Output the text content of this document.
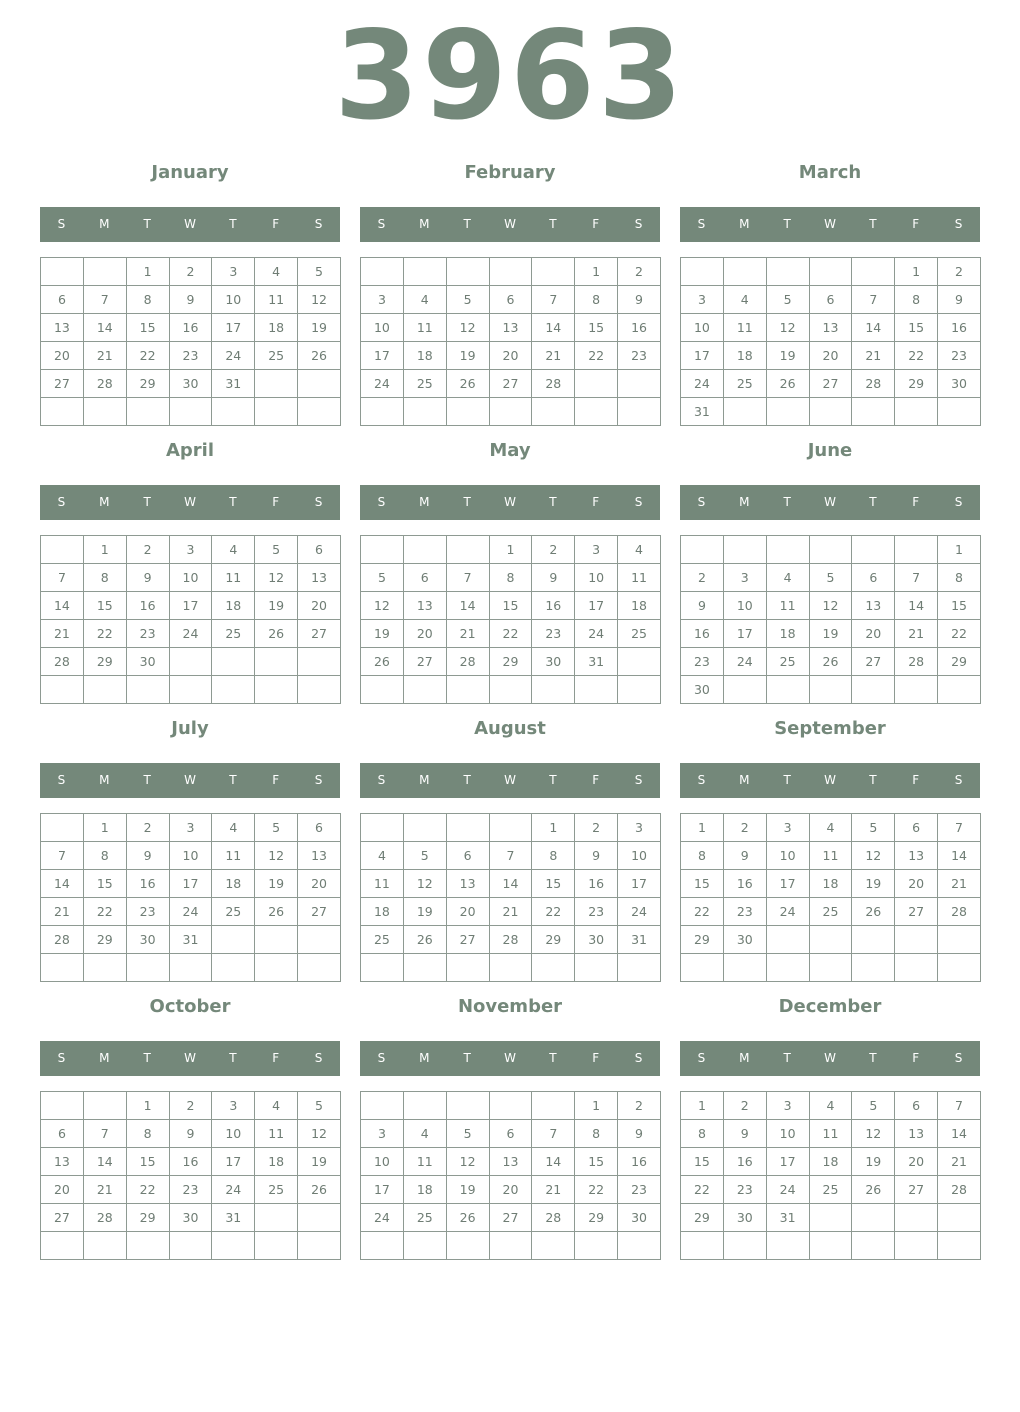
3963
January
S	M	T	W	T	F	S
		1	2	3	4	5
6	7	8	9	10	11	12
13	14	15	16	17	18	19
20	21	22	23	24	25	26
27	28	29	30	31		

February
S	M	T	W	T	F	S
					1	2
3	4	5	6	7	8	9
10	11	12	13	14	15	16
17	18	19	20	21	22	23
24	25	26	27	28		

March
S	M	T	W	T	F	S
					1	2
3	4	5	6	7	8	9
10	11	12	13	14	15	16
17	18	19	20	21	22	23
24	25	26	27	28	29	30
31						
April
S	M	T	W	T	F	S
	1	2	3	4	5	6
7	8	9	10	11	12	13
14	15	16	17	18	19	20
21	22	23	24	25	26	27
28	29	30				

May
S	M	T	W	T	F	S
			1	2	3	4
5	6	7	8	9	10	11
12	13	14	15	16	17	18
19	20	21	22	23	24	25
26	27	28	29	30	31	

June
S	M	T	W	T	F	S
						1
2	3	4	5	6	7	8
9	10	11	12	13	14	15
16	17	18	19	20	21	22
23	24	25	26	27	28	29
30						
July
S	M	T	W	T	F	S
	1	2	3	4	5	6
7	8	9	10	11	12	13
14	15	16	17	18	19	20
21	22	23	24	25	26	27
28	29	30	31			

August
S	M	T	W	T	F	S
				1	2	3
4	5	6	7	8	9	10
11	12	13	14	15	16	17
18	19	20	21	22	23	24
25	26	27	28	29	30	31

September
S	M	T	W	T	F	S
1	2	3	4	5	6	7
8	9	10	11	12	13	14
15	16	17	18	19	20	21
22	23	24	25	26	27	28
29	30					

October
S	M	T	W	T	F	S
		1	2	3	4	5
6	7	8	9	10	11	12
13	14	15	16	17	18	19
20	21	22	23	24	25	26
27	28	29	30	31		

November
S	M	T	W	T	F	S
					1	2
3	4	5	6	7	8	9
10	11	12	13	14	15	16
17	18	19	20	21	22	23
24	25	26	27	28	29	30

December
S	M	T	W	T	F	S
1	2	3	4	5	6	7
8	9	10	11	12	13	14
15	16	17	18	19	20	21
22	23	24	25	26	27	28
29	30	31				
